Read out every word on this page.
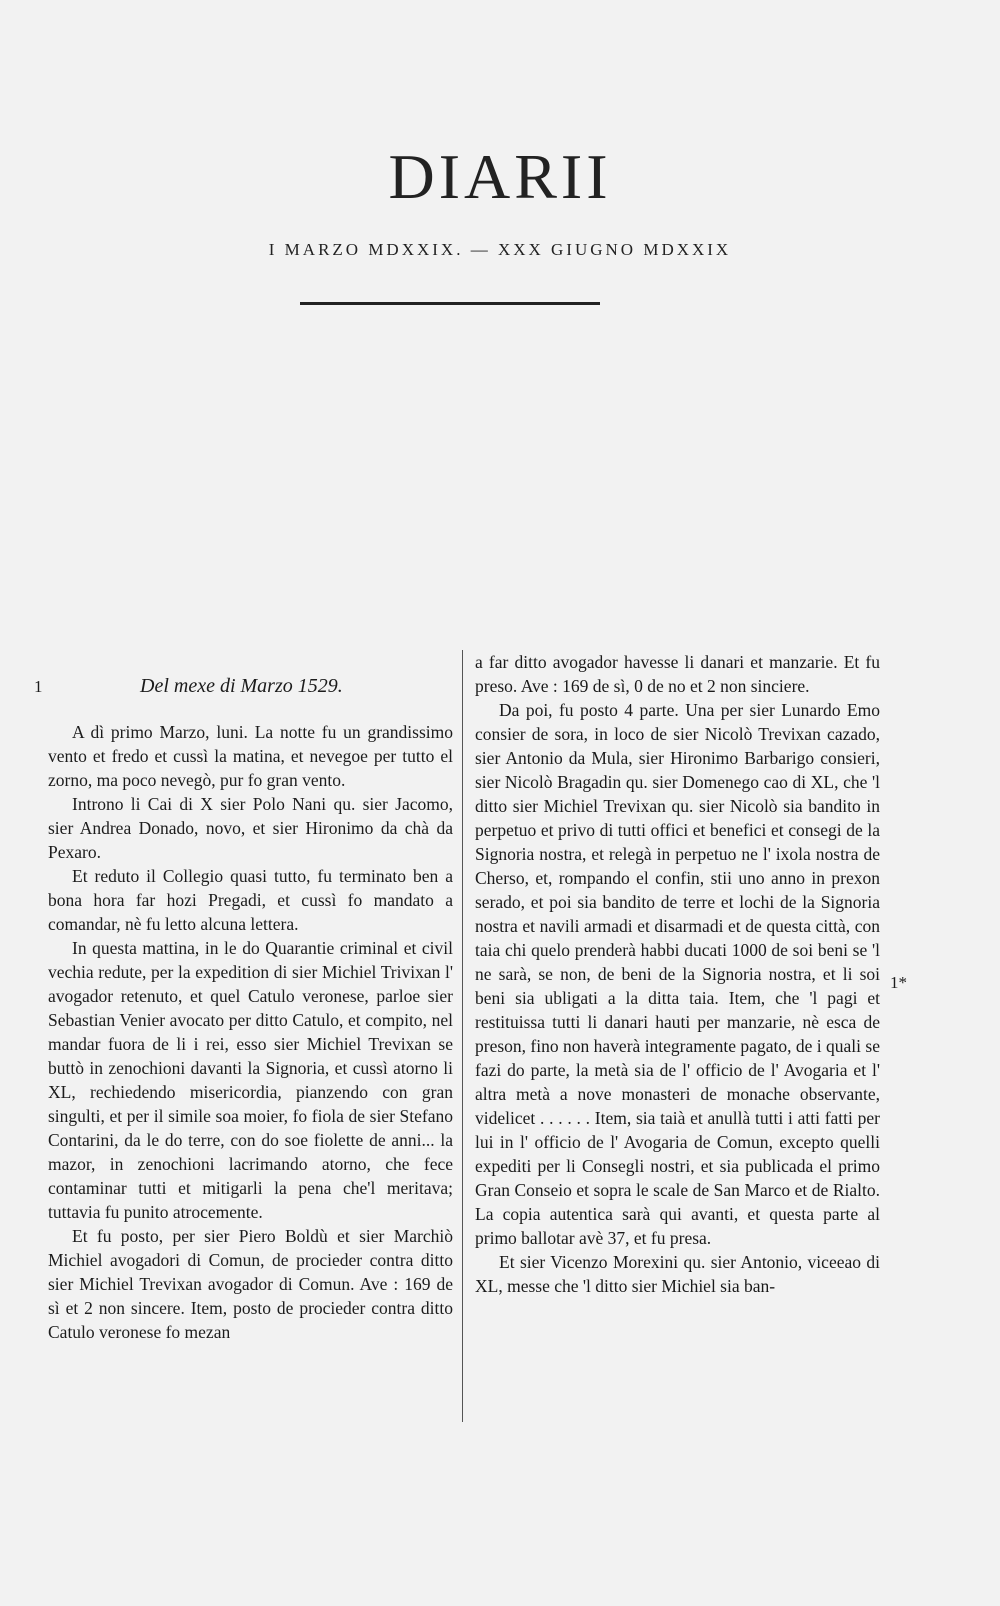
DIARII
I MARZO MDXXIX. — XXX GIUGNO MDXXIX
1
1*
Del mexe di Marzo 1529.

A dì primo Marzo, luni. La notte fu un grandissimo vento et fredo et cussì la matina, et nevegoe per tutto el zorno, ma poco nevegò, pur fo gran vento.

Introno li Cai di X sier Polo Nani qu. sier Jacomo, sier Andrea Donado, novo, et sier Hironimo da chà da Pexaro.

Et reduto il Collegio quasi tutto, fu terminato ben a bona hora far hozi Pregadi, et cussì fo mandato a comandar, nè fu letto alcuna lettera.

In questa mattina, in le do Quarantie criminal et civil vechia redute, per la expedition di sier Michiel Trivixan l' avogador retenuto, et quel Catulo veronese, parloe sier Sebastian Venier avocato per ditto Catulo, et compito, nel mandar fuora de li i rei, esso sier Michiel Trevixan se buttò in zenochioni davanti la Signoria, et cussì atorno li XL, rechiedendo misericordia, pianzendo con gran singulti, et per il simile soa moier, fo fiola de sier Stefano Contarini, da le do terre, con do soe fiolette de anni... la mazor, in zenochioni lacrimando atorno, che fece contaminar tutti et mitigarli la pena che'l meritava; tuttavia fu punito atrocemente.

Et fu posto, per sier Piero Boldù et sier Marchiò Michiel avogadori di Comun, de procieder contra ditto sier Michiel Trevixan avogador di Comun. Ave : 169 de sì et 2 non sincere. Item, posto de procieder contra ditto Catulo veronese fo mezan

a far ditto avogador havesse li danari et manzarie. Et fu preso. Ave : 169 de sì, 0 de no et 2 non sinciere.

Da poi, fu posto 4 parte. Una per sier Lunardo Emo consier de sora, in loco de sier Nicolò Trevixan cazado, sier Antonio da Mula, sier Hironimo Barbarigo consieri, sier Nicolò Bragadin qu. sier Domenego cao di XL, che 'l ditto sier Michiel Trevixan qu. sier Nicolò sia bandito in perpetuo et privo di tutti offici et benefici et consegi de la Signoria nostra, et relegà in perpetuo ne l' ixola nostra de Cherso, et, rompando el confin, stii uno anno in prexon serado, et poi sia bandito de terre et lochi de la Signoria nostra et navili armadi et disarmadi et de questa città, con taia chi quelo prenderà habbi ducati 1000 de soi beni se 'l ne sarà, se non, de beni de la Signoria nostra, et li soi beni sia ubligati a la ditta taia. Item, che 'l pagi et restituissa tutti li danari hauti per manzarie, nè esca de preson, fino non haverà integramente pagato, de i quali se fazi do parte, la metà sia de l' officio de l' Avogaria et l' altra metà a nove monasteri de monache observante, videlicet . . . . . . Item, sia taià et anullà tutti i atti fatti per lui in l' officio de l' Avogaria de Comun, excepto quelli expediti per li Consegli nostri, et sia publicada el primo Gran Conseio et sopra le scale de San Marco et de Rialto. La copia autentica sarà qui avanti, et questa parte al primo ballotar avè 37, et fu presa.

Et sier Vicenzo Morexini qu. sier Antonio, viceeao di XL, messe che 'l ditto sier Michiel sia ban-
